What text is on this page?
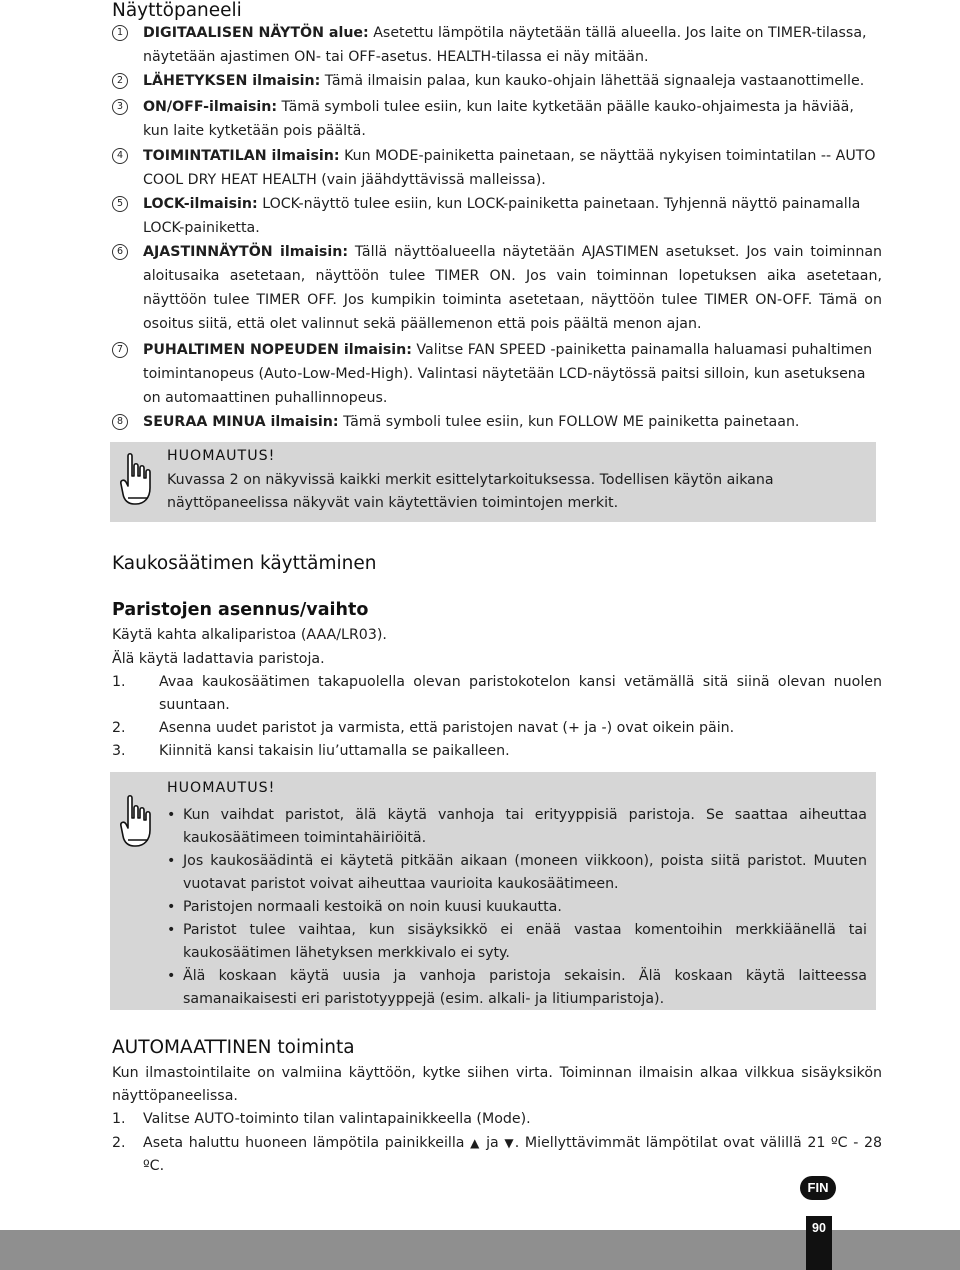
Näyttöpaneeli
1	DIGITAALISEN NÄYTÖN alue: Asetettu lämpötila näytetään tällä alueella. Jos laite on TIMER-tilassa, näytetään ajastimen ON- tai OFF-asetus. HEALTH-tilassa ei näy mitään.
2	LÄHETYKSEN ilmaisin: Tämä ilmaisin palaa, kun kauko-ohjain lähettää signaaleja vastaanottimelle.
3	ON/OFF-ilmaisin: Tämä symboli tulee esiin, kun laite kytketään päälle kauko-ohjaimesta ja häviää, kun laite kytketään pois päältä.
4	TOIMINTATILAN ilmaisin: Kun MODE-painiketta painetaan, se näyttää nykyisen toimintatilan -- AUTO COOL DRY HEAT HEALTH (vain jäähdyttävissä malleissa).
5	LOCK-ilmaisin: LOCK-näyttö tulee esiin, kun LOCK-painiketta painetaan. Tyhjennä näyttö painamalla LOCK-painiketta.
6	AJASTINNÄYTÖN ilmaisin: Tällä näyttöalueella näytetään AJASTIMEN asetukset. Jos vain toiminnan aloitusaika asetetaan, näyttöön tulee TIMER ON. Jos vain toiminnan lopetuksen aika asetetaan, näyttöön tulee TIMER OFF. Jos kumpikin toiminta asetetaan, näyttöön tulee TIMER ON-OFF. Tämä on osoitus siitä, että olet valinnut sekä päällemenon että pois päältä menon ajan.
7	PUHALTIMEN NOPEUDEN ilmaisin: Valitse FAN SPEED -painiketta painamalla haluamasi puhaltimen toimintanopeus (Auto-Low-Med-High). Valintasi näytetään LCD-näytössä paitsi silloin, kun asetuksena on automaattinen puhallinnopeus.
8	SEURAA MINUA ilmaisin: Tämä symboli tulee esiin, kun FOLLOW ME painiketta painetaan.
HUOMAUTUS!
Kuvassa 2 on näkyvissä kaikki merkit esittelytarkoituksessa. Todellisen käytön aikana näyttöpaneelissa näkyvät vain käytettävien toimintojen merkit.
Kaukosäätimen käyttäminen
Paristojen asennus/vaihto
Käytä kahta alkaliparistoa (AAA/LR03).
Älä käytä ladattavia paristoja.
1. Avaa kaukosäätimen takapuolella olevan paristokotelon kansi vetämällä sitä siinä olevan nuolen suuntaan.
2. Asenna uudet paristot ja varmista, että paristojen navat (+ ja -) ovat oikein päin.
3. Kiinnitä kansi takaisin liu’uttamalla se paikalleen.
HUOMAUTUS!
• Kun vaihdat paristot, älä käytä vanhoja tai erityyppisiä paristoja. Se saattaa aiheuttaa kaukosäätimeen toimintahäiriöitä.
• Jos kaukosäädintä ei käytetä pitkään aikaan (moneen viikkoon), poista siitä paristot. Muuten vuotavat paristot voivat aiheuttaa vaurioita kaukosäätimeen.
• Paristojen normaali kestoikä on noin kuusi kuukautta.
• Paristot tulee vaihtaa, kun sisäyksikkö ei enää vastaa komentoihin merkkiäänellä tai kaukosäätimen lähetyksen merkkivalo ei syty.
• Älä koskaan käytä uusia ja vanhoja paristoja sekaisin. Älä koskaan käytä laitteessa samanaikaisesti eri paristotyyppejä (esim. alkali- ja litiumparistoja).
AUTOMAATTINEN toiminta
Kun ilmastointilaite on valmiina käyttöön, kytke siihen virta. Toiminnan ilmaisin alkaa vilkkua sisäyksikön näyttöpaneelissa.
1. Valitse AUTO-toiminto tilan valintapainikkeella (Mode).
2. Aseta haluttu huoneen lämpötila painikkeilla ▲ ja ▼. Miellyttävimmät lämpötilat ovat välillä 21 ºC - 28 ºC.
FIN
90
